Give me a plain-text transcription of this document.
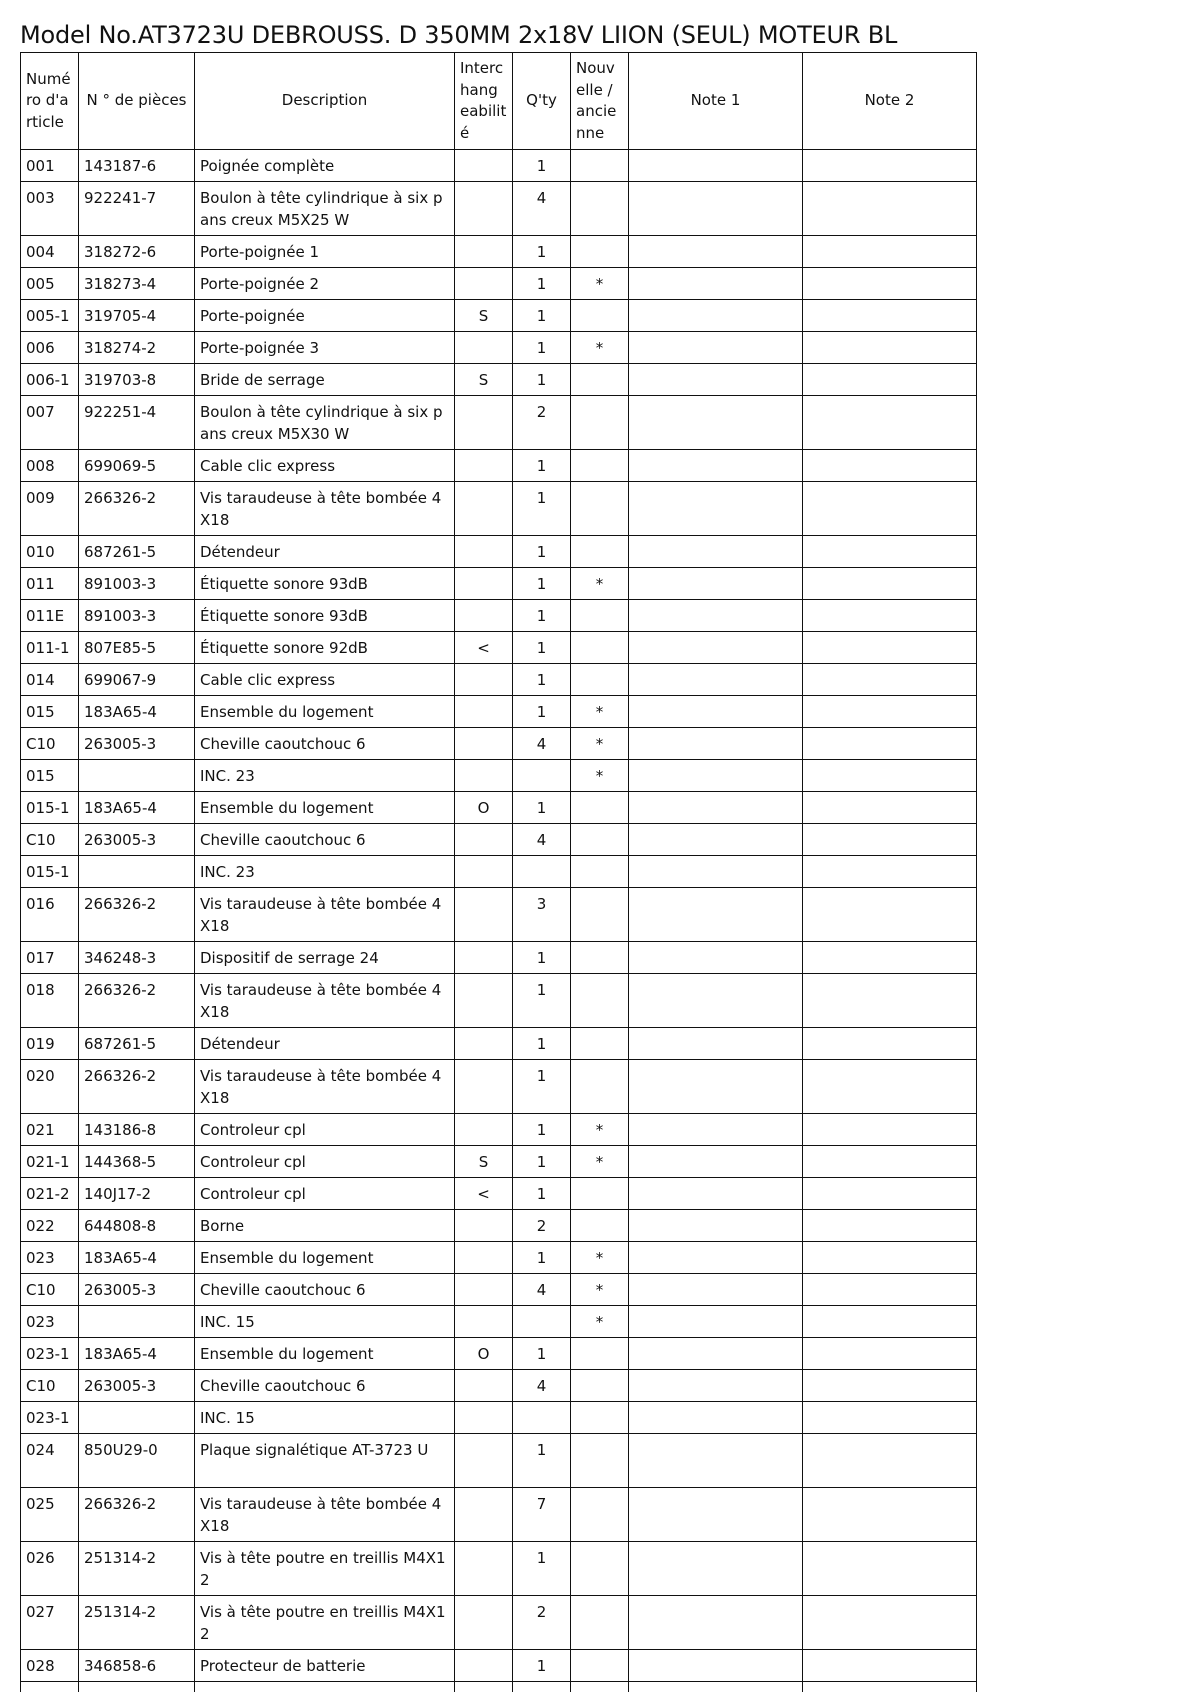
Model No.AT3723U DEBROUSS. D 350MM 2x18V LIION (SEUL) MOTEUR BL
Numé ro d'a rticle	N ° de pièces	Description	Interc hang eabilit é	Q'ty	Nouv elle / ancie nne	Note 1	Note 2
001	143187-6	Poignée complète		1			
003	922241-7	Boulon à tête cylindrique à six pans creux M5X25 W		4			
004	318272-6	Porte-poignée 1		1			
005	318273-4	Porte-poignée 2		1	*		
005-1	319705-4	Porte-poignée	S	1			
006	318274-2	Porte-poignée 3		1	*		
006-1	319703-8	Bride de serrage	S	1			
007	922251-4	Boulon à tête cylindrique à six pans creux M5X30 W		2			
008	699069-5	Cable clic express		1			
009	266326-2	Vis taraudeuse à tête bombée 4X18		1			
010	687261-5	Détendeur		1			
011	891003-3	Étiquette sonore 93dB		1	*		
011E	891003-3	Étiquette sonore 93dB		1			
011-1	807E85-5	Étiquette sonore 92dB	<	1			
014	699067-9	Cable clic express		1			
015	183A65-4	Ensemble du logement		1	*		
C10	263005-3	Cheville caoutchouc 6		4	*		
015		INC. 23			*		
015-1	183A65-4	Ensemble du logement	O	1			
C10	263005-3	Cheville caoutchouc 6		4			
015-1		INC. 23					
016	266326-2	Vis taraudeuse à tête bombée 4X18		3			
017	346248-3	Dispositif de serrage 24		1			
018	266326-2	Vis taraudeuse à tête bombée 4X18		1			
019	687261-5	Détendeur		1			
020	266326-2	Vis taraudeuse à tête bombée 4X18		1			
021	143186-8	Controleur cpl		1	*		
021-1	144368-5	Controleur cpl	S	1	*		
021-2	140J17-2	Controleur cpl	<	1			
022	644808-8	Borne		2			
023	183A65-4	Ensemble du logement		1	*		
C10	263005-3	Cheville caoutchouc 6		4	*		
023		INC. 15			*		
023-1	183A65-4	Ensemble du logement	O	1			
C10	263005-3	Cheville caoutchouc 6		4			
023-1		INC. 15					
024	850U29-0	Plaque signalétique AT-3723 U		1			
025	266326-2	Vis taraudeuse à tête bombée 4X18		7			
026	251314-2	Vis à tête poutre en treillis M4X12		1			
027	251314-2	Vis à tête poutre en treillis M4X12		2			
028	346858-6	Protecteur de batterie		1			
